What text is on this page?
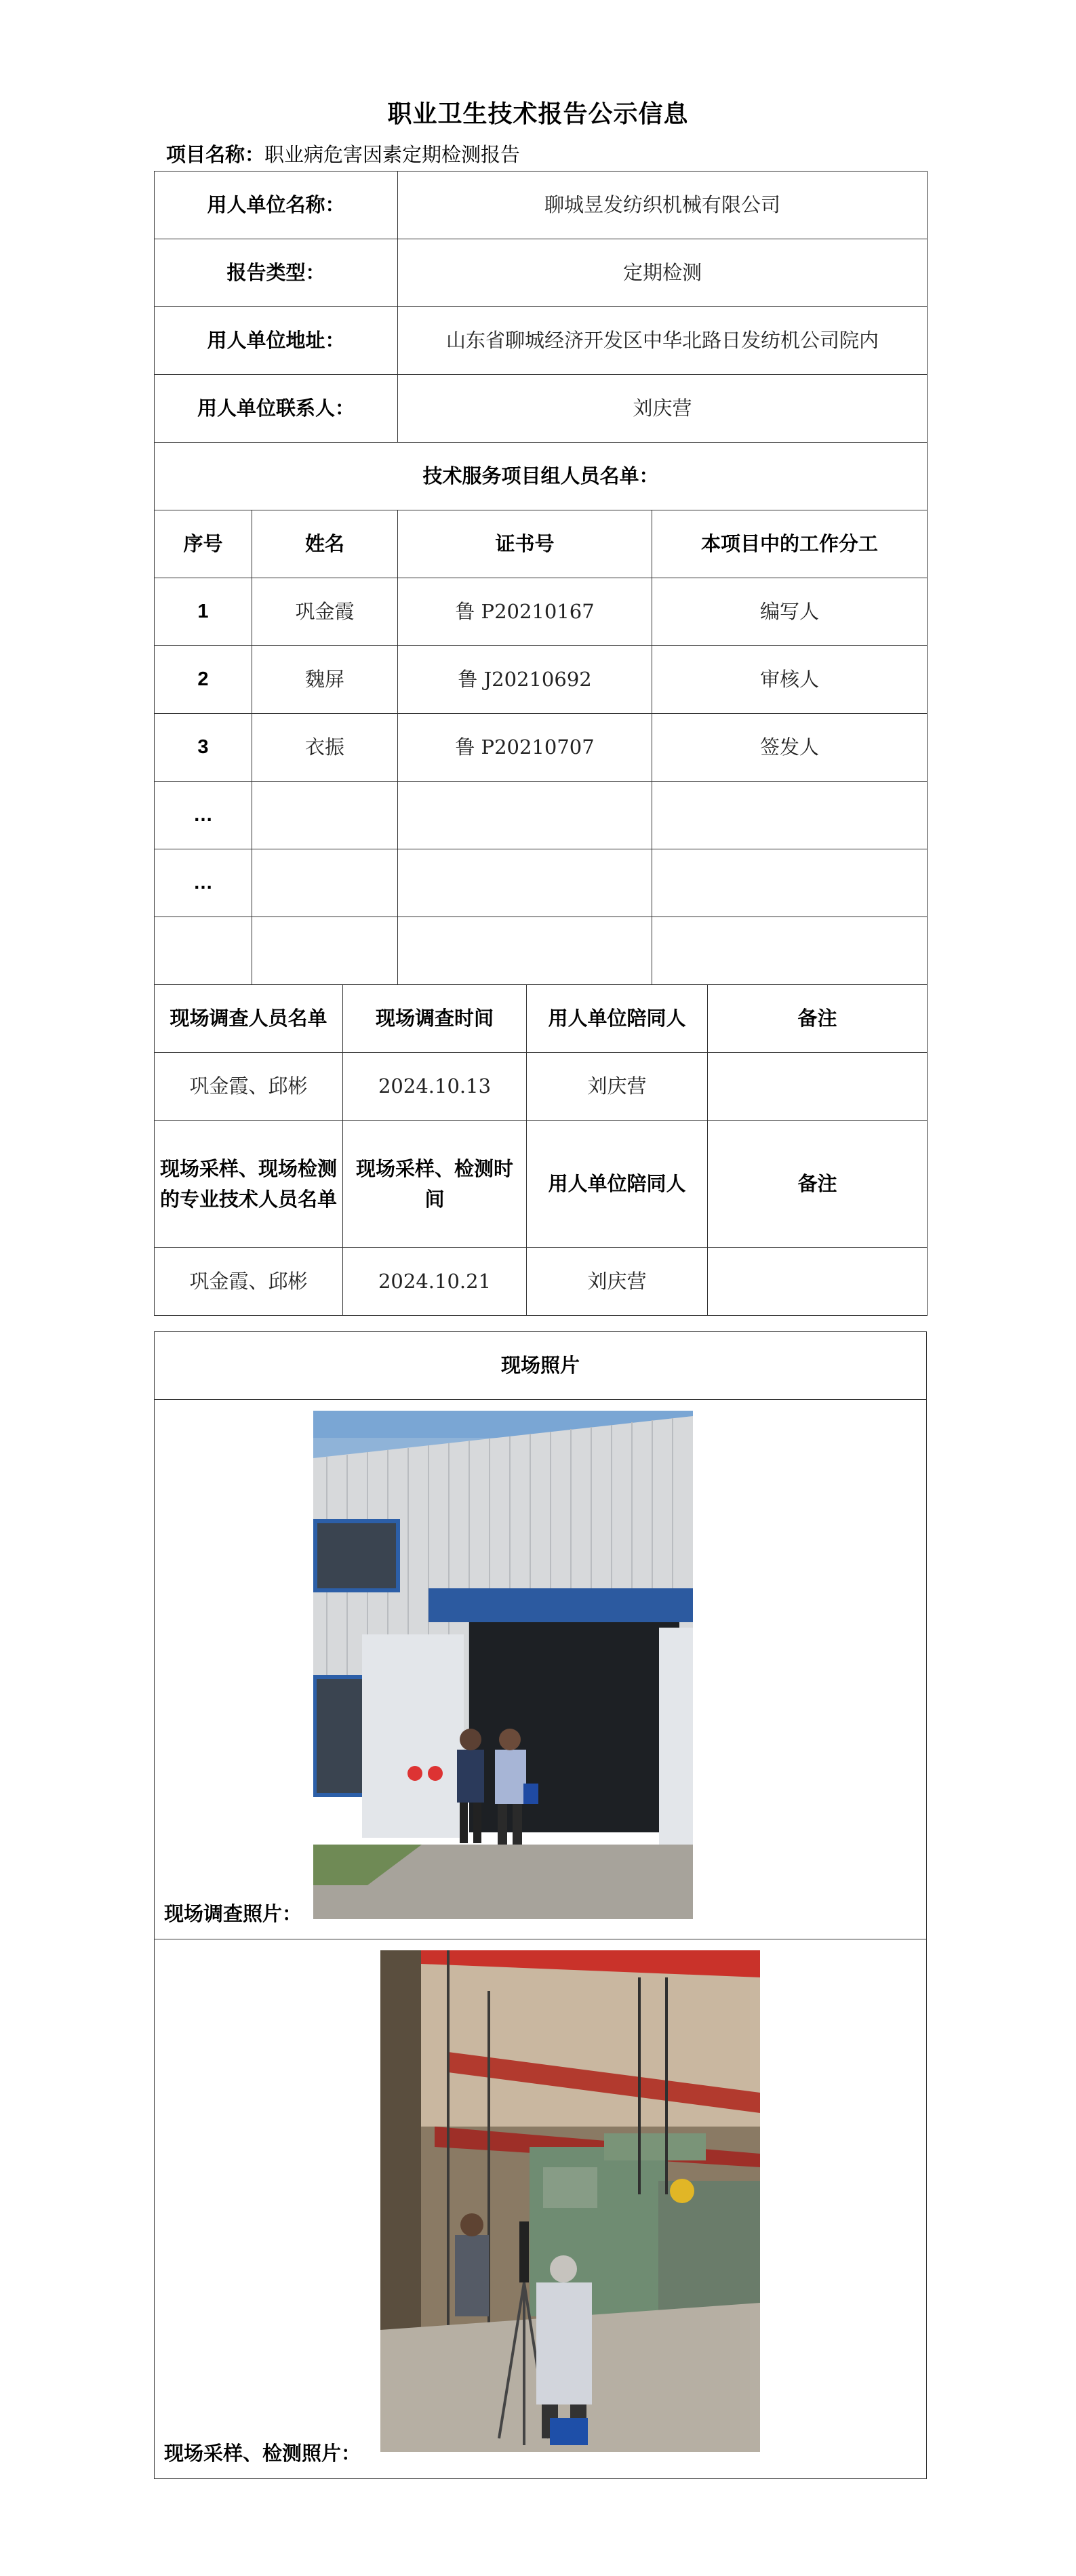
职业卫生技术报告公示信息
项目名称：职业病危害因素定期检测报告
用人单位名称：			聊城昱发纺织机械有限公司			
报告类型：			定期检测			
用人单位地址：			山东省聊城经济开发区中华北路日发纺机公司院内			
用人单位联系人：			刘庆营			
技术服务项目组人员名单：						
序号	姓名		证书号		本项目中的工作分工	
1	巩金霞		鲁 P20210167		编写人	
2	魏屏		鲁 J20210692		审核人	
3	衣振		鲁 P20210707		签发人	
…						
…						

现场调查人员名单		现场调查时间		用人单位陪同人		备注
巩金霞、邱彬		2024.10.13		刘庆营		
现场采样、现场检测的专业技术人员名单		现场采样、检测时间		用人单位陪同人		备注
巩金霞、邱彬		2024.10.21		刘庆营		
现场照片

现场调查照片：

现场采样、检测照片：
